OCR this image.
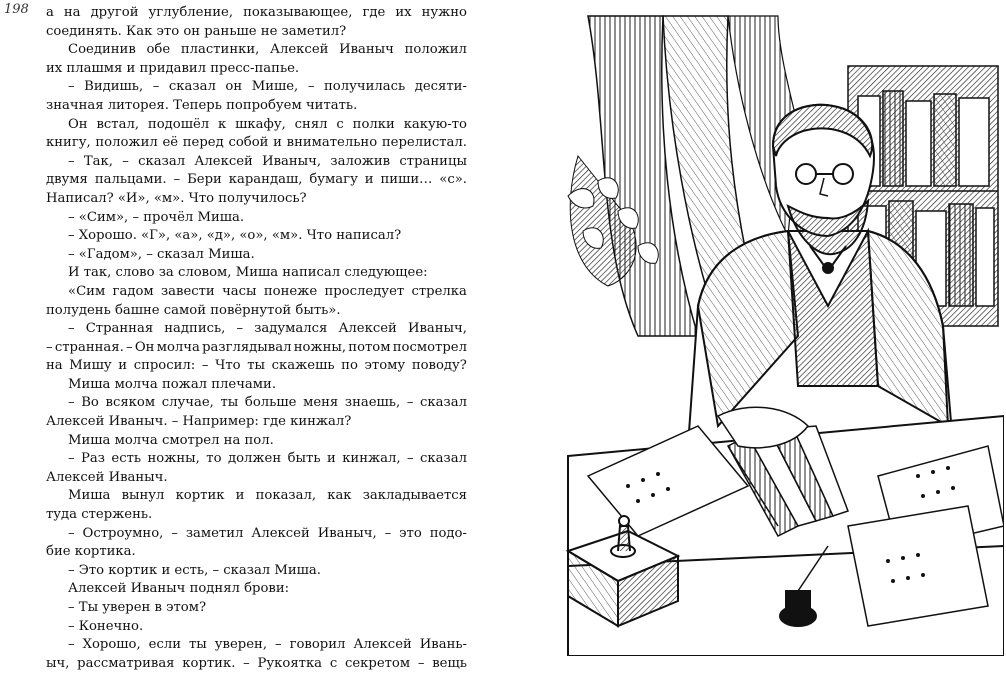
198 а на другой углубление, показывающее, где их нужно
соединять. Как это он раньше не заметил?
Соединив обе пластинки, Алексей Иваныч положил
их плашмя и придавил пресс-папье.
– Видишь, – сказал он Мише, – получилась десяти-
значная литорея. Теперь попробуем читать.
Он встал, подошёл к шкафу, снял с полки какую-то
книгу, положил её перед собой и внимательно перелистал.
– Так, – сказал Алексей Иваныч, заложив страницы
двумя пальцами. – Бери карандаш, бумагу и пиши… «с».
Написал? «И», «м». Что получилось?
– «Сим», – прочёл Миша.
– Хорошо. «Г», «а», «д», «о», «м». Что написал?
– «Гадом», – сказал Миша.
И так, слово за словом, Миша написал следующее:
«Сим гадом завести часы понеже проследует стрелка
полудень башне самой повёрнутой быть».
– Странная надпись, – задумался Алексей Иваныч,
– странная. – Он молча разглядывал ножны, потом посмотрел
на Мишу и спросил: – Что ты скажешь по этому поводу?
Миша молча пожал плечами.
– Во всяком случае, ты больше меня знаешь, – сказал
Алексей Иваныч. – Например: где кинжал?
Миша молча смотрел на пол.
– Раз есть ножны, то должен быть и кинжал, – сказал
Алексей Иваныч.
Миша вынул кортик и показал, как закладывается
туда стержень.
– Остроумно, – заметил Алексей Иваныч, – это подо-
бие кортика.
– Это кортик и есть, – сказал Миша.
Алексей Иваныч поднял брови:
– Ты уверен в этом?
– Конечно.
– Хорошо, если ты уверен, – говорил Алексей Ивань-
ыч, рассматривая кортик. – Рукоятка с секретом – вещь
